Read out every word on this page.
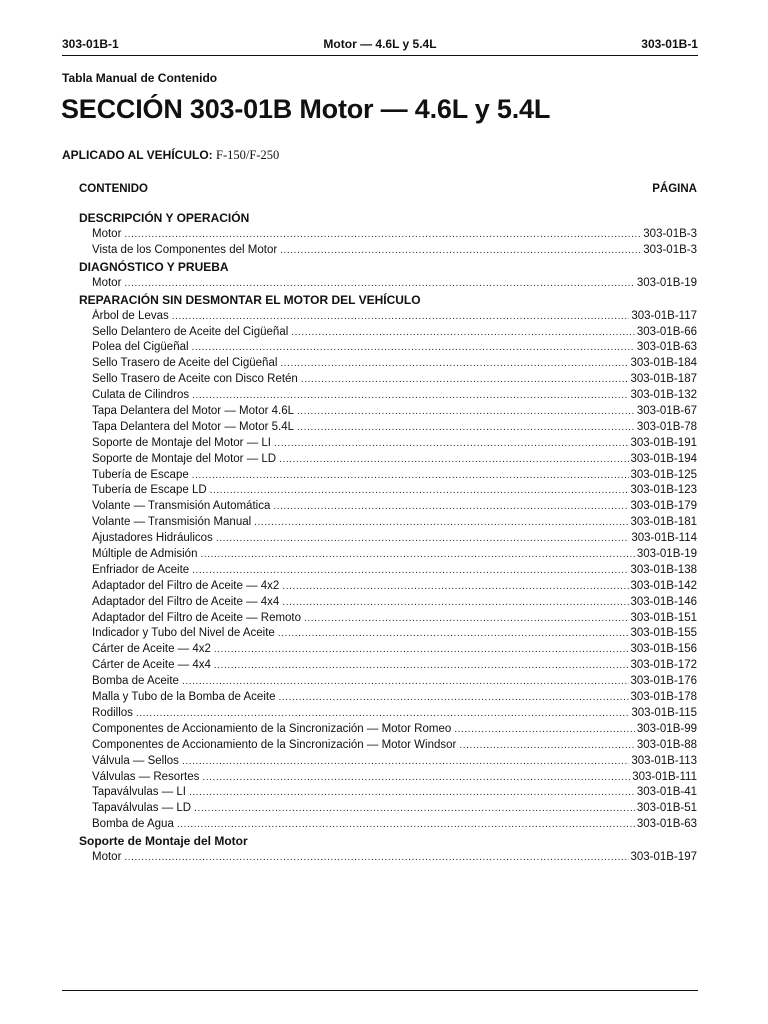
303-01B-1	Motor — 4.6L y 5.4L	303-01B-1
Tabla Manual de Contenido
SECCIÓN 303-01B Motor — 4.6L y 5.4L
APLICADO AL VEHÍCULO: F-150/F-250
CONTENIDO	PÁGINA
DESCRIPCIÓN Y OPERACIÓN
Motor .....	303-01B-3
Vista de los Componentes del Motor .....	303-01B-3
DIAGNÓSTICO Y PRUEBA
Motor .....	303-01B-19
REPARACIÓN SIN DESMONTAR EL MOTOR DEL VEHÍCULO
Árbol de Levas .....	303-01B-117
Sello Delantero de Aceite del Cigüeñal .....	303-01B-66
Polea del Cigüeñal .....	303-01B-63
Sello Trasero de Aceite del Cigüeñal .....	303-01B-184
Sello Trasero de Aceite con Disco Retén .....	303-01B-187
Culata de Cilindros .....	303-01B-132
Tapa Delantera del Motor — Motor 4.6L .....	303-01B-67
Tapa Delantera del Motor — Motor 5.4L .....	303-01B-78
Soporte de Montaje del Motor — LI .....	303-01B-191
Soporte de Montaje del Motor — LD .....	303-01B-194
Tubería de Escape .....	303-01B-125
Tubería de Escape LD .....	303-01B-123
Volante — Transmisión Automática .....	303-01B-179
Volante — Transmisión Manual .....	303-01B-181
Ajustadores Hidráulicos .....	303-01B-114
Múltiple de Admisión .....	303-01B-19
Enfriador de Aceite .....	303-01B-138
Adaptador del Filtro de Aceite — 4x2 .....	303-01B-142
Adaptador del Filtro de Aceite — 4x4 .....	303-01B-146
Adaptador del Filtro de Aceite — Remoto .....	303-01B-151
Indicador y Tubo del Nivel de Aceite .....	303-01B-155
Cárter de Aceite — 4x2 .....	303-01B-156
Cárter de Aceite — 4x4 .....	303-01B-172
Bomba de Aceite .....	303-01B-176
Malla y Tubo de la Bomba de Aceite .....	303-01B-178
Rodillos .....	303-01B-115
Componentes de Accionamiento de la Sincronización — Motor Romeo .....	303-01B-99
Componentes de Accionamiento de la Sincronización — Motor Windsor .....	303-01B-88
Válvula — Sellos .....	303-01B-113
Válvulas — Resortes .....	303-01B-111
Tapaválvulas — LI .....	303-01B-41
Tapaválvulas — LD .....	303-01B-51
Bomba de Agua .....	303-01B-63
Soporte de Montaje del Motor
Motor .....	303-01B-197
